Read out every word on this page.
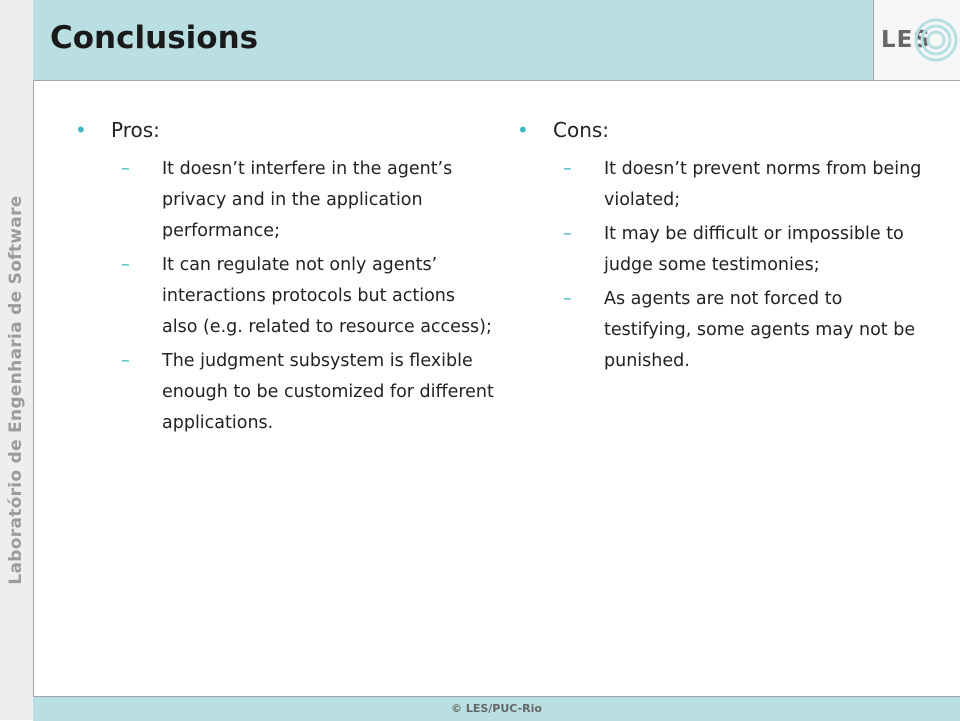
Laboratório de Engenharia de Software
Conclusions	LES
•	Pros:
–	It doesn’t interfere in the agent’s privacy and in the application performance;
–	It can regulate not only agents’ interactions protocols but actions also (e.g. related to resource access);
–	The judgment subsystem is flexible enough to be customized for different applications.
•	Cons:
–	It doesn’t prevent norms from being violated;
–	It may be difficult or impossible to judge some testimonies;
–	As agents are not forced to testifying, some agents may not be punished.
© LES/PUC-Rio
